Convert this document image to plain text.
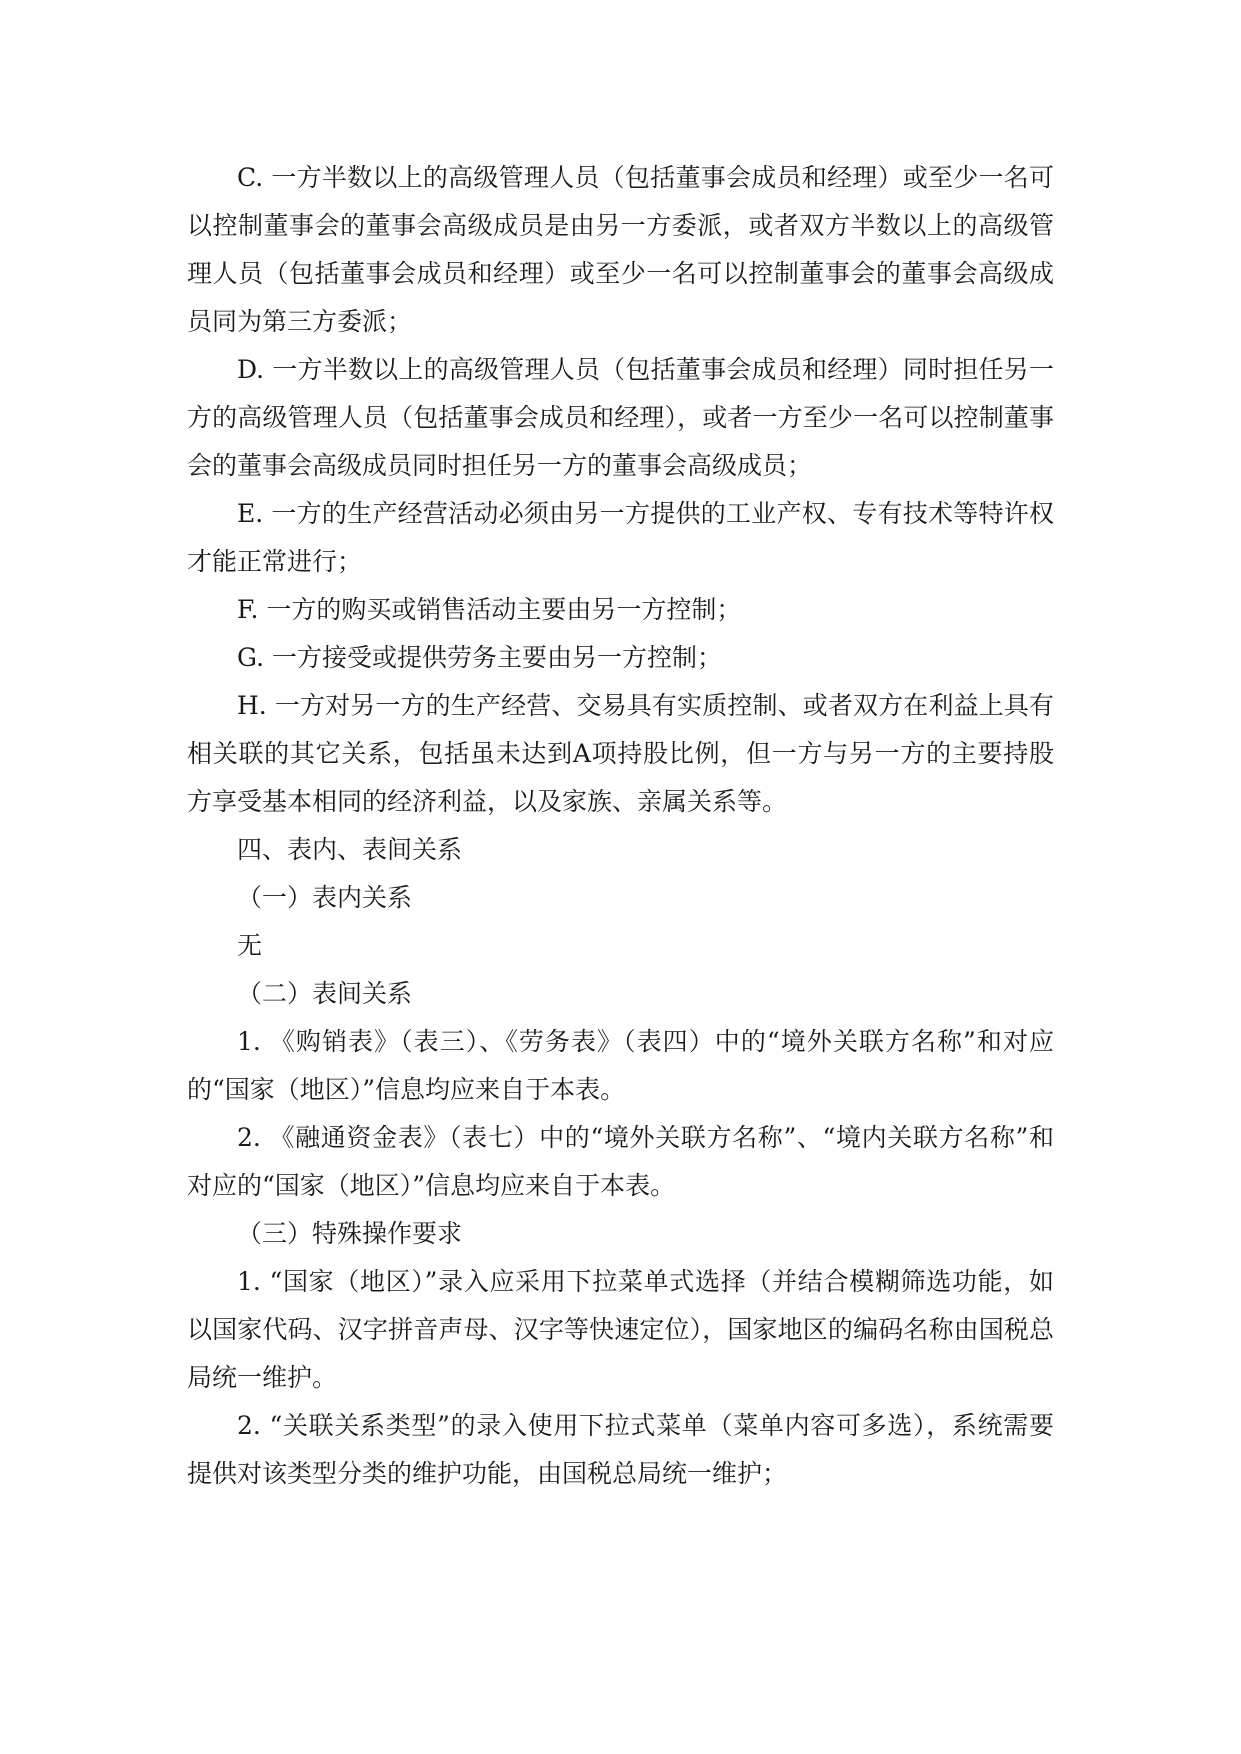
C. 一方半数以上的高级管理人员（包括董事会成员和经理）或至少一名可以控制董事会的董事会高级成员是由另一方委派，或者双方半数以上的高级管理人员（包括董事会成员和经理）或至少一名可以控制董事会的董事会高级成员同为第三方委派；

D. 一方半数以上的高级管理人员（包括董事会成员和经理）同时担任另一方的高级管理人员（包括董事会成员和经理），或者一方至少一名可以控制董事会的董事会高级成员同时担任另一方的董事会高级成员；

E. 一方的生产经营活动必须由另一方提供的工业产权、专有技术等特许权才能正常进行；

F. 一方的购买或销售活动主要由另一方控制；

G. 一方接受或提供劳务主要由另一方控制；

H. 一方对另一方的生产经营、交易具有实质控制、或者双方在利益上具有相关联的其它关系，包括虽未达到A项持股比例，但一方与另一方的主要持股方享受基本相同的经济利益，以及家族、亲属关系等。

四、表内、表间关系

（一）表内关系

无

（二）表间关系

1. 《购销表》（表三）、《劳务表》（表四）中的“境外关联方名称”和对应的“国家（地区）”信息均应来自于本表。

2. 《融通资金表》（表七）中的“境外关联方名称”、“境内关联方名称”和对应的“国家（地区）”信息均应来自于本表。

（三）特殊操作要求

1. “国家（地区）”录入应采用下拉菜单式选择（并结合模糊筛选功能，如以国家代码、汉字拼音声母、汉字等快速定位），国家地区的编码名称由国税总局统一维护。

2. “关联关系类型”的录入使用下拉式菜单（菜单内容可多选），系统需要提供对该类型分类的维护功能，由国税总局统一维护；
